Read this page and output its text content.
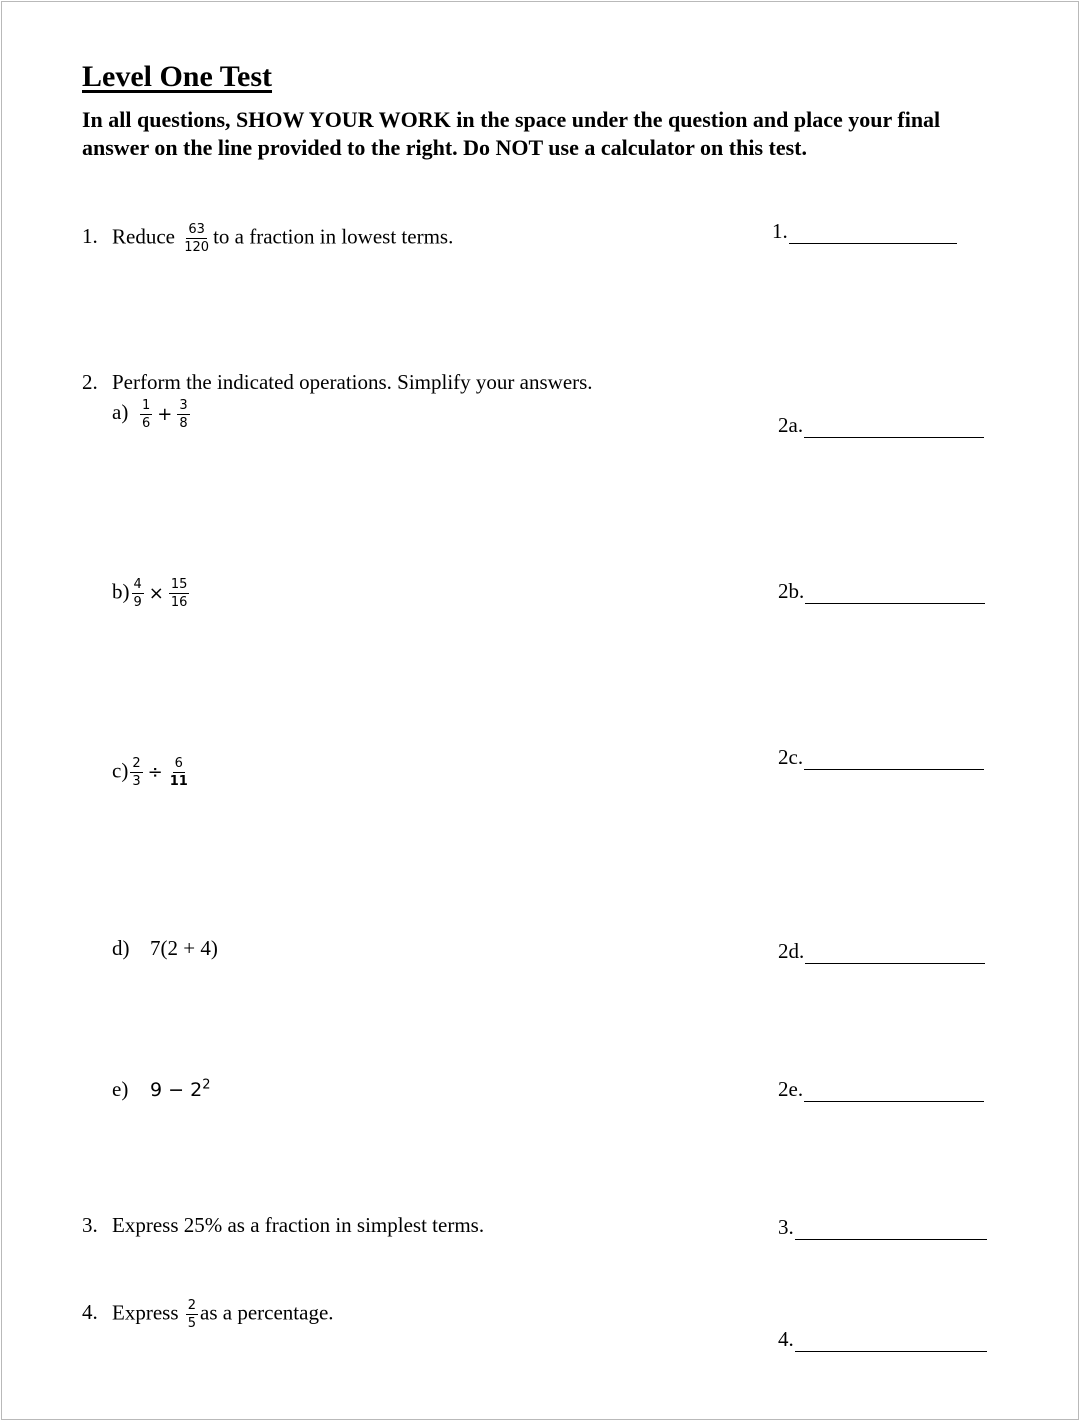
Level One Test
In all questions, SHOW YOUR WORK in the space under the question and place your final answer on the line provided to the right. Do NOT use a calculator on this test.
1. Reduce $\frac{63}{120}$ to a fraction in lowest terms.	1.
2. Perform the indicated operations. Simplify your answers.
$a) \frac{1}{6} + \frac{3}{8}$	2a.
$b) \frac{4}{9} \times \frac{15}{16}$	2b.
$c) \frac{2}{3} \div \frac{6}{11}$	2c.
d) 7(2 + 4)	2d.
e) $9 - 2^2$	2e.
3. Express 25% as a fraction in simplest terms.	3.
4. Express $\frac{2}{5}$ as a percentage.
4.
